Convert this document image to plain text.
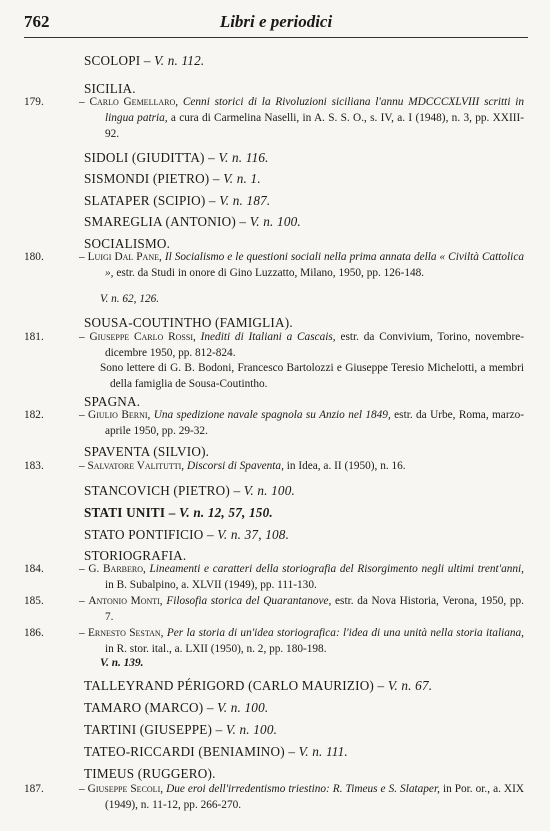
762	Libri e periodici
SCOLOPI – V. n. 112.
SICILIA.
179.	– Carlo Gemellaro, Cenni storici di la Rivoluzioni siciliana l'annu MDCCCXLVIII scritti in lingua patria, a cura di Carmelina Naselli, in A. S. S. O., s. IV, a. I (1948), n. 3, pp. XXIII-92.
SIDOLI (GIUDITTA) – V. n. 116.
SISMONDI (PIETRO) – V. n. 1.
SLATAPER (SCIPIO) – V. n. 187.
SMAREGLIA (ANTONIO) – V. n. 100.
SOCIALISMO.
180.	– Luigi Dal Pane, Il Socialismo e le questioni sociali nella prima annata della « Civiltà Cattolica », estr. da Studi in onore di Gino Luzzatto, Milano, 1950, pp. 126-148.
V. n. 62, 126.
SOUSA-COUTINTHO (FAMIGLIA).
181.	– Giuseppe Carlo Rossi, Inediti di Italiani a Cascais, estr. da Convivium, Torino, novembre-dicembre 1950, pp. 812-824.
Sono lettere di G. B. Bodoni, Francesco Bartolozzi e Giuseppe Teresio Michelotti, a membri della famiglia de Sousa-Coutintho.
SPAGNA.
182.	– Giulio Berni, Una spedizione navale spagnola su Anzio nel 1849, estr. da Urbe, Roma, marzo-aprile 1950, pp. 29-32.
SPAVENTA (SILVIO).
183.	– Salvatore Valitutti, Discorsi di Spaventa, in Idea, a. II (1950), n. 16.
STANCOVICH (PIETRO) – V. n. 100.
STATI UNITI – V. n. 12, 57, 150.
STATO PONTIFICIO – V. n. 37, 108.
STORIOGRAFIA.
184.	– G. Barbero, Lineamenti e caratteri della storiografia del Risorgimento negli ultimi trent'anni, in B. Subalpino, a. XLVII (1949), pp. 111-130.
185.	– Antonio Monti, Filosofia storica del Quarantanove, estr. da Nova Historia, Verona, 1950, pp. 7.
186.	– Ernesto Sestan, Per la storia di un'idea storiografica: l'idea di una unità nella storia italiana, in R. stor. ital., a. LXII (1950), n. 2, pp. 180-198.
V. n. 139.
TALLEYRAND PÉRIGORD (CARLO MAURIZIO) – V. n. 67.
TAMARO (MARCO) – V. n. 100.
TARTINI (GIUSEPPE) – V. n. 100.
TATEO-RICCARDI (BENIAMINO) – V. n. 111.
TIMEUS (RUGGERO).
187.	– Giuseppe Secoli, Due eroi dell'irredentismo triestino: R. Timeus e S. Slataper, in Por. or., a. XIX (1949), n. 11-12, pp. 266-270.
